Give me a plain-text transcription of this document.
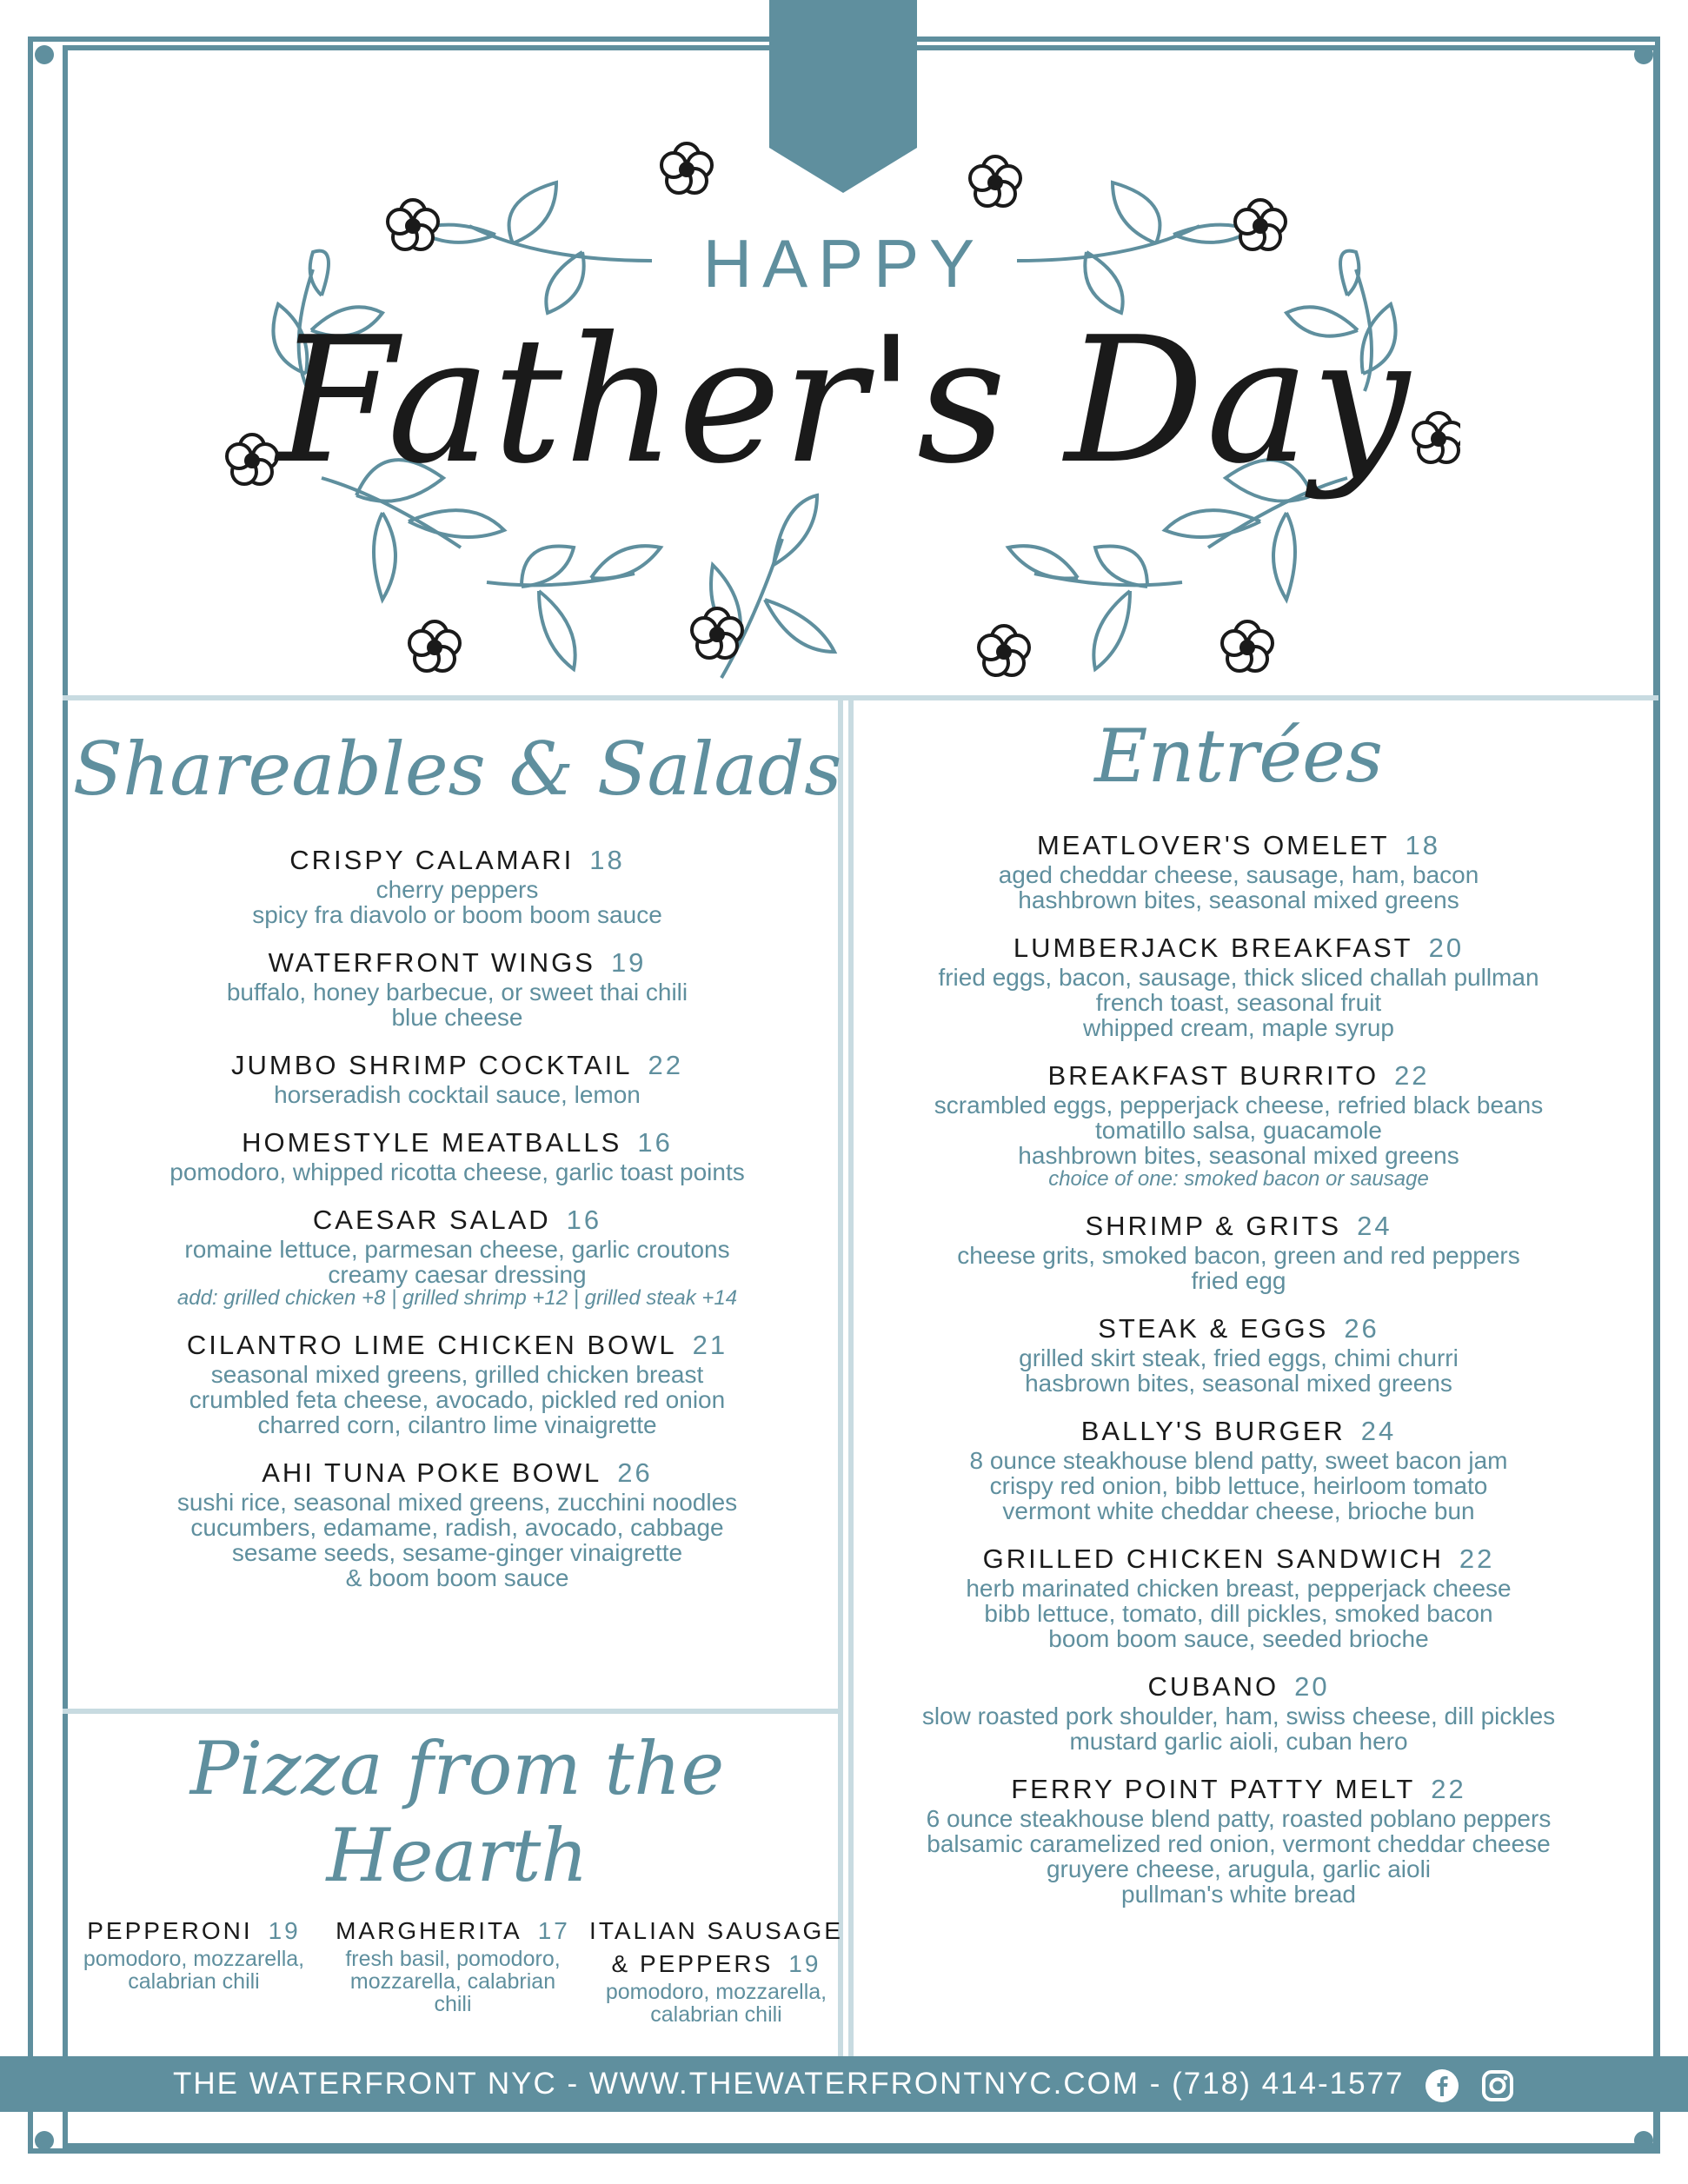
HAPPY
Father's Day
Shareables & Salads
CRISPY CALAMARI 18
cherry peppers
spicy fra diavolo or boom boom sauce
WATERFRONT WINGS 19
buffalo, honey barbecue, or sweet thai chili
blue cheese
JUMBO SHRIMP COCKTAIL 22
horseradish cocktail sauce, lemon
HOMESTYLE MEATBALLS 16
pomodoro, whipped ricotta cheese, garlic toast points
CAESAR SALAD 16
romaine lettuce, parmesan cheese, garlic croutons
creamy caesar dressing
add: grilled chicken +8 | grilled shrimp +12 | grilled steak +14
CILANTRO LIME CHICKEN BOWL 21
seasonal mixed greens, grilled chicken breast
crumbled feta cheese, avocado, pickled red onion
charred corn, cilantro lime vinaigrette
AHI TUNA POKE BOWL 26
sushi rice, seasonal mixed greens, zucchini noodles
cucumbers, edamame, radish, avocado, cabbage
sesame seeds, sesame-ginger vinaigrette
& boom boom sauce
Pizza from the Hearth
PEPPERONI 19
pomodoro, mozzarella,
calabrian chili
MARGHERITA 17
fresh basil, pomodoro,
mozzarella, calabrian
chili
ITALIAN SAUSAGE
& PEPPERS 19
pomodoro, mozzarella,
calabrian chili
Entrées
MEATLOVER'S OMELET 18
aged cheddar cheese, sausage, ham, bacon
hashbrown bites, seasonal mixed greens
LUMBERJACK BREAKFAST 20
fried eggs, bacon, sausage, thick sliced challah pullman
french toast, seasonal fruit
whipped cream, maple syrup
BREAKFAST BURRITO 22
scrambled eggs, pepperjack cheese, refried black beans
tomatillo salsa, guacamole
hashbrown bites, seasonal mixed greens
choice of one: smoked bacon or sausage
SHRIMP & GRITS 24
cheese grits, smoked bacon, green and red peppers
fried egg
STEAK & EGGS 26
grilled skirt steak, fried eggs, chimi churri
hasbrown bites, seasonal mixed greens
BALLY'S BURGER 24
8 ounce steakhouse blend patty, sweet bacon jam
crispy red onion, bibb lettuce, heirloom tomato
vermont white cheddar cheese, brioche bun
GRILLED CHICKEN SANDWICH 22
herb marinated chicken breast, pepperjack cheese
bibb lettuce, tomato, dill pickles, smoked bacon
boom boom sauce, seeded brioche
CUBANO 20
slow roasted pork shoulder, ham, swiss cheese, dill pickles
mustard garlic aioli, cuban hero
FERRY POINT PATTY MELT 22
6 ounce steakhouse blend patty, roasted poblano peppers
balsamic caramelized red onion, vermont cheddar cheese
gruyere cheese, arugula, garlic aioli
pullman's white bread
THE WATERFRONT NYC - WWW.THEWATERFRONTNYC.COM - (718) 414-1577
